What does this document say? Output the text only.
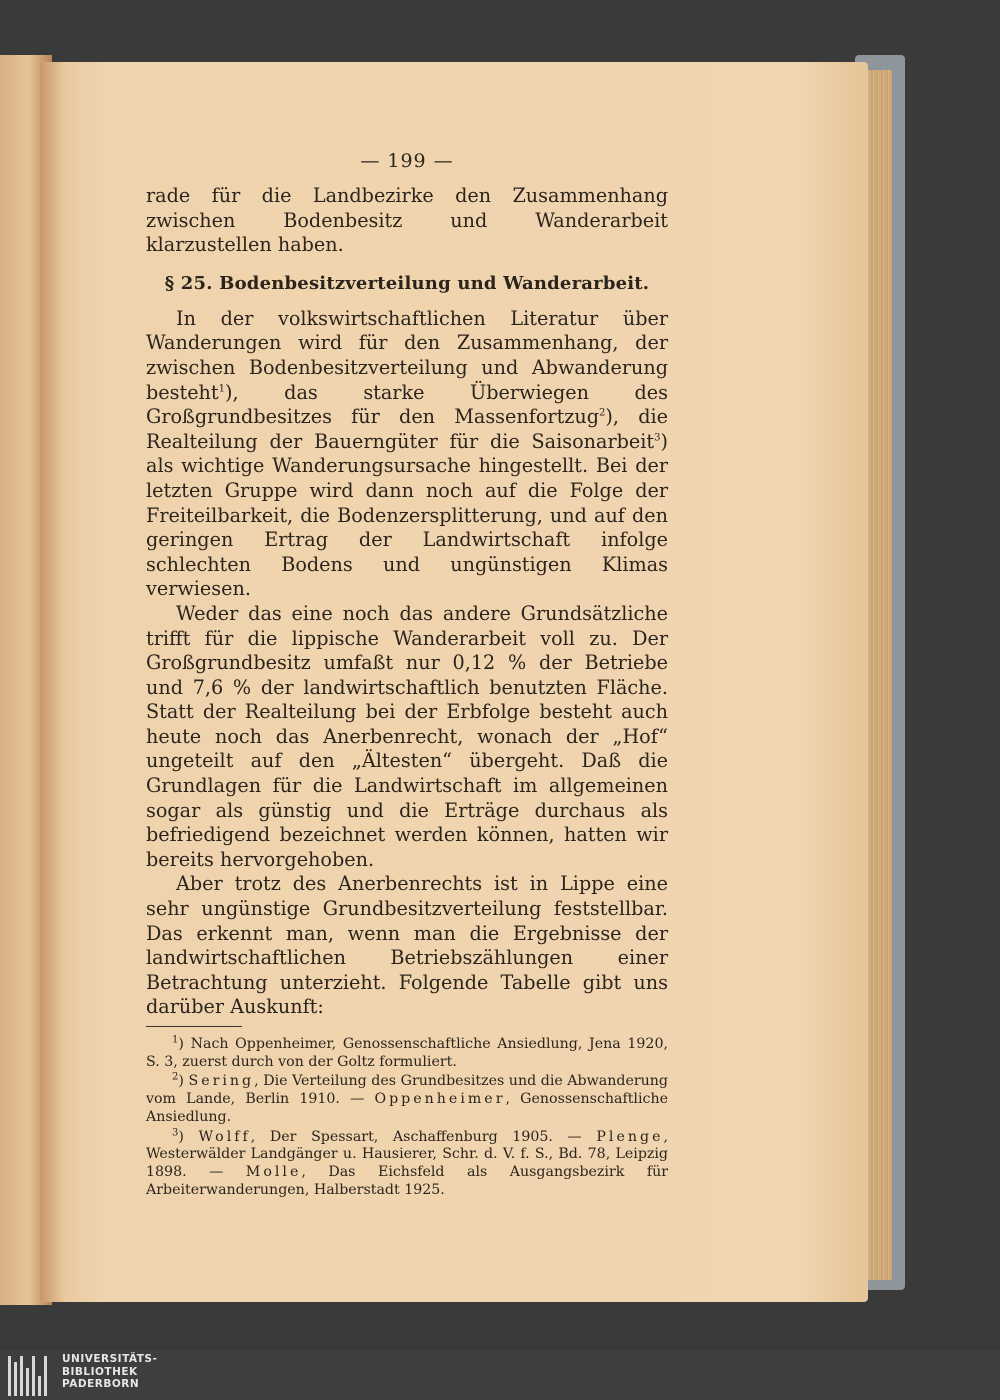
— 199 —

rade für die Landbezirke den Zusammenhang zwischen Bodenbesitz und Wanderarbeit klarzustellen haben.

§ 25. Bodenbesitzverteilung und Wanderarbeit.

In der volkswirtschaftlichen Literatur über Wanderungen wird für den Zusammenhang, der zwischen Bodenbesitzverteilung und Abwanderung besteht$^1$), das starke Überwiegen des Großgrundbesitzes für den Massenfortzug$^2$), die Realteilung der Bauerngüter für die Saisonarbeit$^3$) als wichtige Wanderungsursache hingestellt. Bei der letzten Gruppe wird dann noch auf die Folge der Freiteilbarkeit, die Bodenzersplitterung, und auf den geringen Ertrag der Landwirtschaft infolge schlechten Bodens und ungünstigen Klimas verwiesen.

Weder das eine noch das andere Grundsätzliche trifft für die lippische Wanderarbeit voll zu. Der Großgrundbesitz umfaßt nur 0,12 % der Betriebe und 7,6 % der landwirtschaftlich benutzten Fläche. Statt der Realteilung bei der Erbfolge besteht auch heute noch das Anerbenrecht, wonach der „Hof“ ungeteilt auf den „Ältesten“ übergeht. Daß die Grundlagen für die Landwirtschaft im allgemeinen sogar als günstig und die Erträge durchaus als befriedigend bezeichnet werden können, hatten wir bereits hervorgehoben.

Aber trotz des Anerbenrechts ist in Lippe eine sehr ungünstige Grundbesitzverteilung feststellbar. Das erkennt man, wenn man die Ergebnisse der landwirtschaftlichen Betriebszählungen einer Betrachtung unterzieht. Folgende Tabelle gibt uns darüber Auskunft:

$^1$) Nach Oppenheimer, Genossenschaftliche Ansiedlung, Jena 1920, S. 3, zuerst durch von der Goltz formuliert.

$^2$) Sering, Die Verteilung des Grundbesitzes und die Abwanderung vom Lande, Berlin 1910. — Oppenheimer, Genossenschaftliche Ansiedlung.

$^3$) Wolff, Der Spessart, Aschaffenburg 1905. — Plenge, Westerwälder Landgänger u. Hausierer, Schr. d. V. f. S., Bd. 78, Leipzig 1898. — Molle, Das Eichsfeld als Ausgangsbezirk für Arbeiterwanderungen, Halberstadt 1925.

UNIVERSITÄTS-
BIBLIOTHEK
PADERBORN
